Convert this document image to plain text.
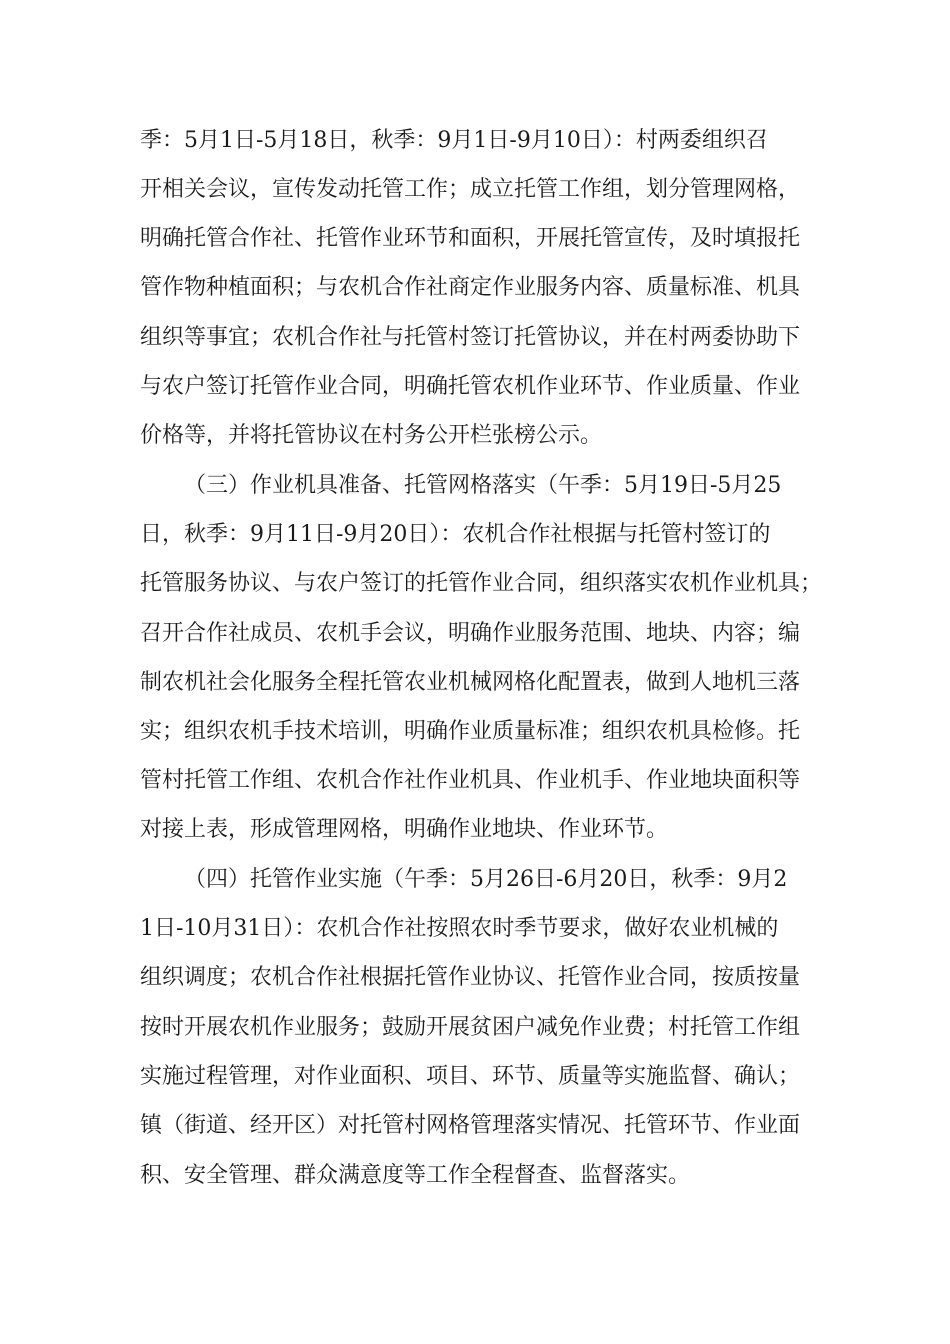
季：5月1日-5月18日，秋季：9月1日-9月10日）：村两委组织召
开相关会议，宣传发动托管工作；成立托管工作组，划分管理网格，
明确托管合作社、托管作业环节和面积，开展托管宣传，及时填报托
管作物种植面积；与农机合作社商定作业服务内容、质量标准、机具
组织等事宜；农机合作社与托管村签订托管协议，并在村两委协助下
与农户签订托管作业合同，明确托管农机作业环节、作业质量、作业
价格等，并将托管协议在村务公开栏张榜公示。
（三）作业机具准备、托管网格落实（午季：5月19日-5月25
日，秋季：9月11日-9月20日）：农机合作社根据与托管村签订的
托管服务协议、与农户签订的托管作业合同，组织落实农机作业机具；
召开合作社成员、农机手会议，明确作业服务范围、地块、内容；编
制农机社会化服务全程托管农业机械网格化配置表，做到人地机三落
实；组织农机手技术培训，明确作业质量标准；组织农机具检修。托
管村托管工作组、农机合作社作业机具、作业机手、作业地块面积等
对接上表，形成管理网格，明确作业地块、作业环节。
（四）托管作业实施（午季：5月26日-6月20日，秋季：9月2
1日-10月31日）：农机合作社按照农时季节要求，做好农业机械的
组织调度；农机合作社根据托管作业协议、托管作业合同，按质按量
按时开展农机作业服务；鼓励开展贫困户减免作业费；村托管工作组
实施过程管理，对作业面积、项目、环节、质量等实施监督、确认；
镇（街道、经开区）对托管村网格管理落实情况、托管环节、作业面
积、安全管理、群众满意度等工作全程督查、监督落实。
